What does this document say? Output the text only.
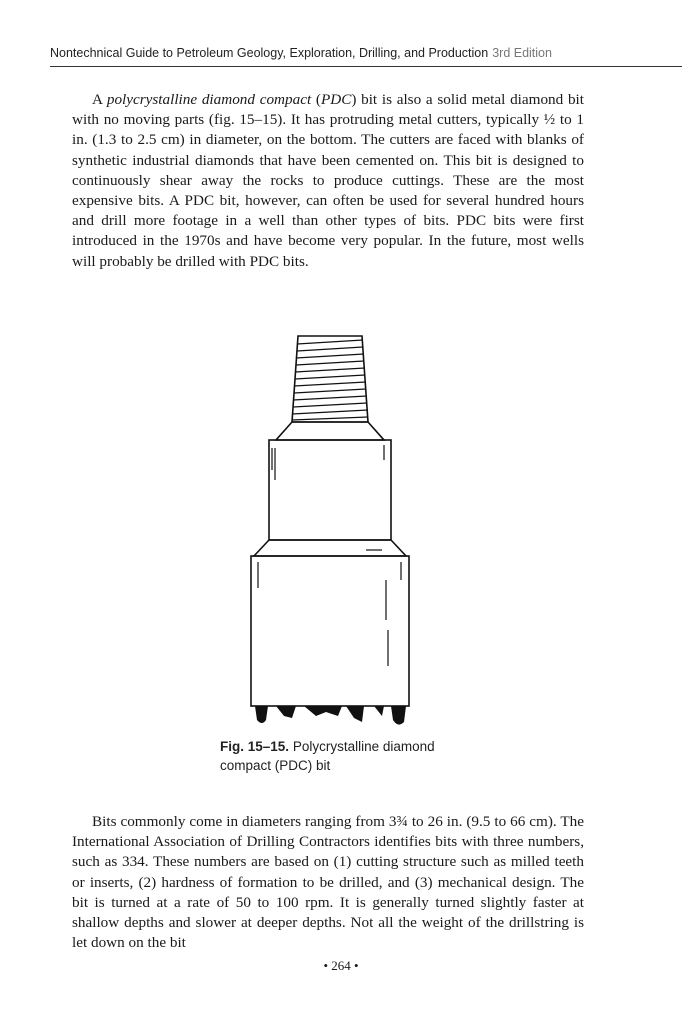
Nontechnical Guide to Petroleum Geology, Exploration, Drilling, and Production 3rd Edition

A polycrystalline diamond compact (PDC) bit is also a solid metal diamond bit with no moving parts (fig. 15–15). It has protruding metal cutters, typically ½ to 1 in. (1.3 to 2.5 cm) in diameter, on the bottom. The cutters are faced with blanks of synthetic industrial diamonds that have been cemented on. This bit is designed to continuously shear away the rocks to produce cuttings. These are the most expensive bits. A PDC bit, however, can often be used for several hundred hours and drill more footage in a well than other types of bits. PDC bits were first introduced in the 1970s and have become very popular. In the future, most wells will probably be drilled with PDC bits.

Fig. 15–15. Polycrystalline diamond compact (PDC) bit

Bits commonly come in diameters ranging from 3¾ to 26 in. (9.5 to 66 cm). The International Association of Drilling Contractors identifies bits with three numbers, such as 334. These numbers are based on (1) cutting structure such as milled teeth or inserts, (2) hardness of formation to be drilled, and (3) mechanical design. The bit is turned at a rate of 50 to 100 rpm. It is generally turned slightly faster at shallow depths and slower at deeper depths. Not all the weight of the drillstring is let down on the bit

• 264 •
